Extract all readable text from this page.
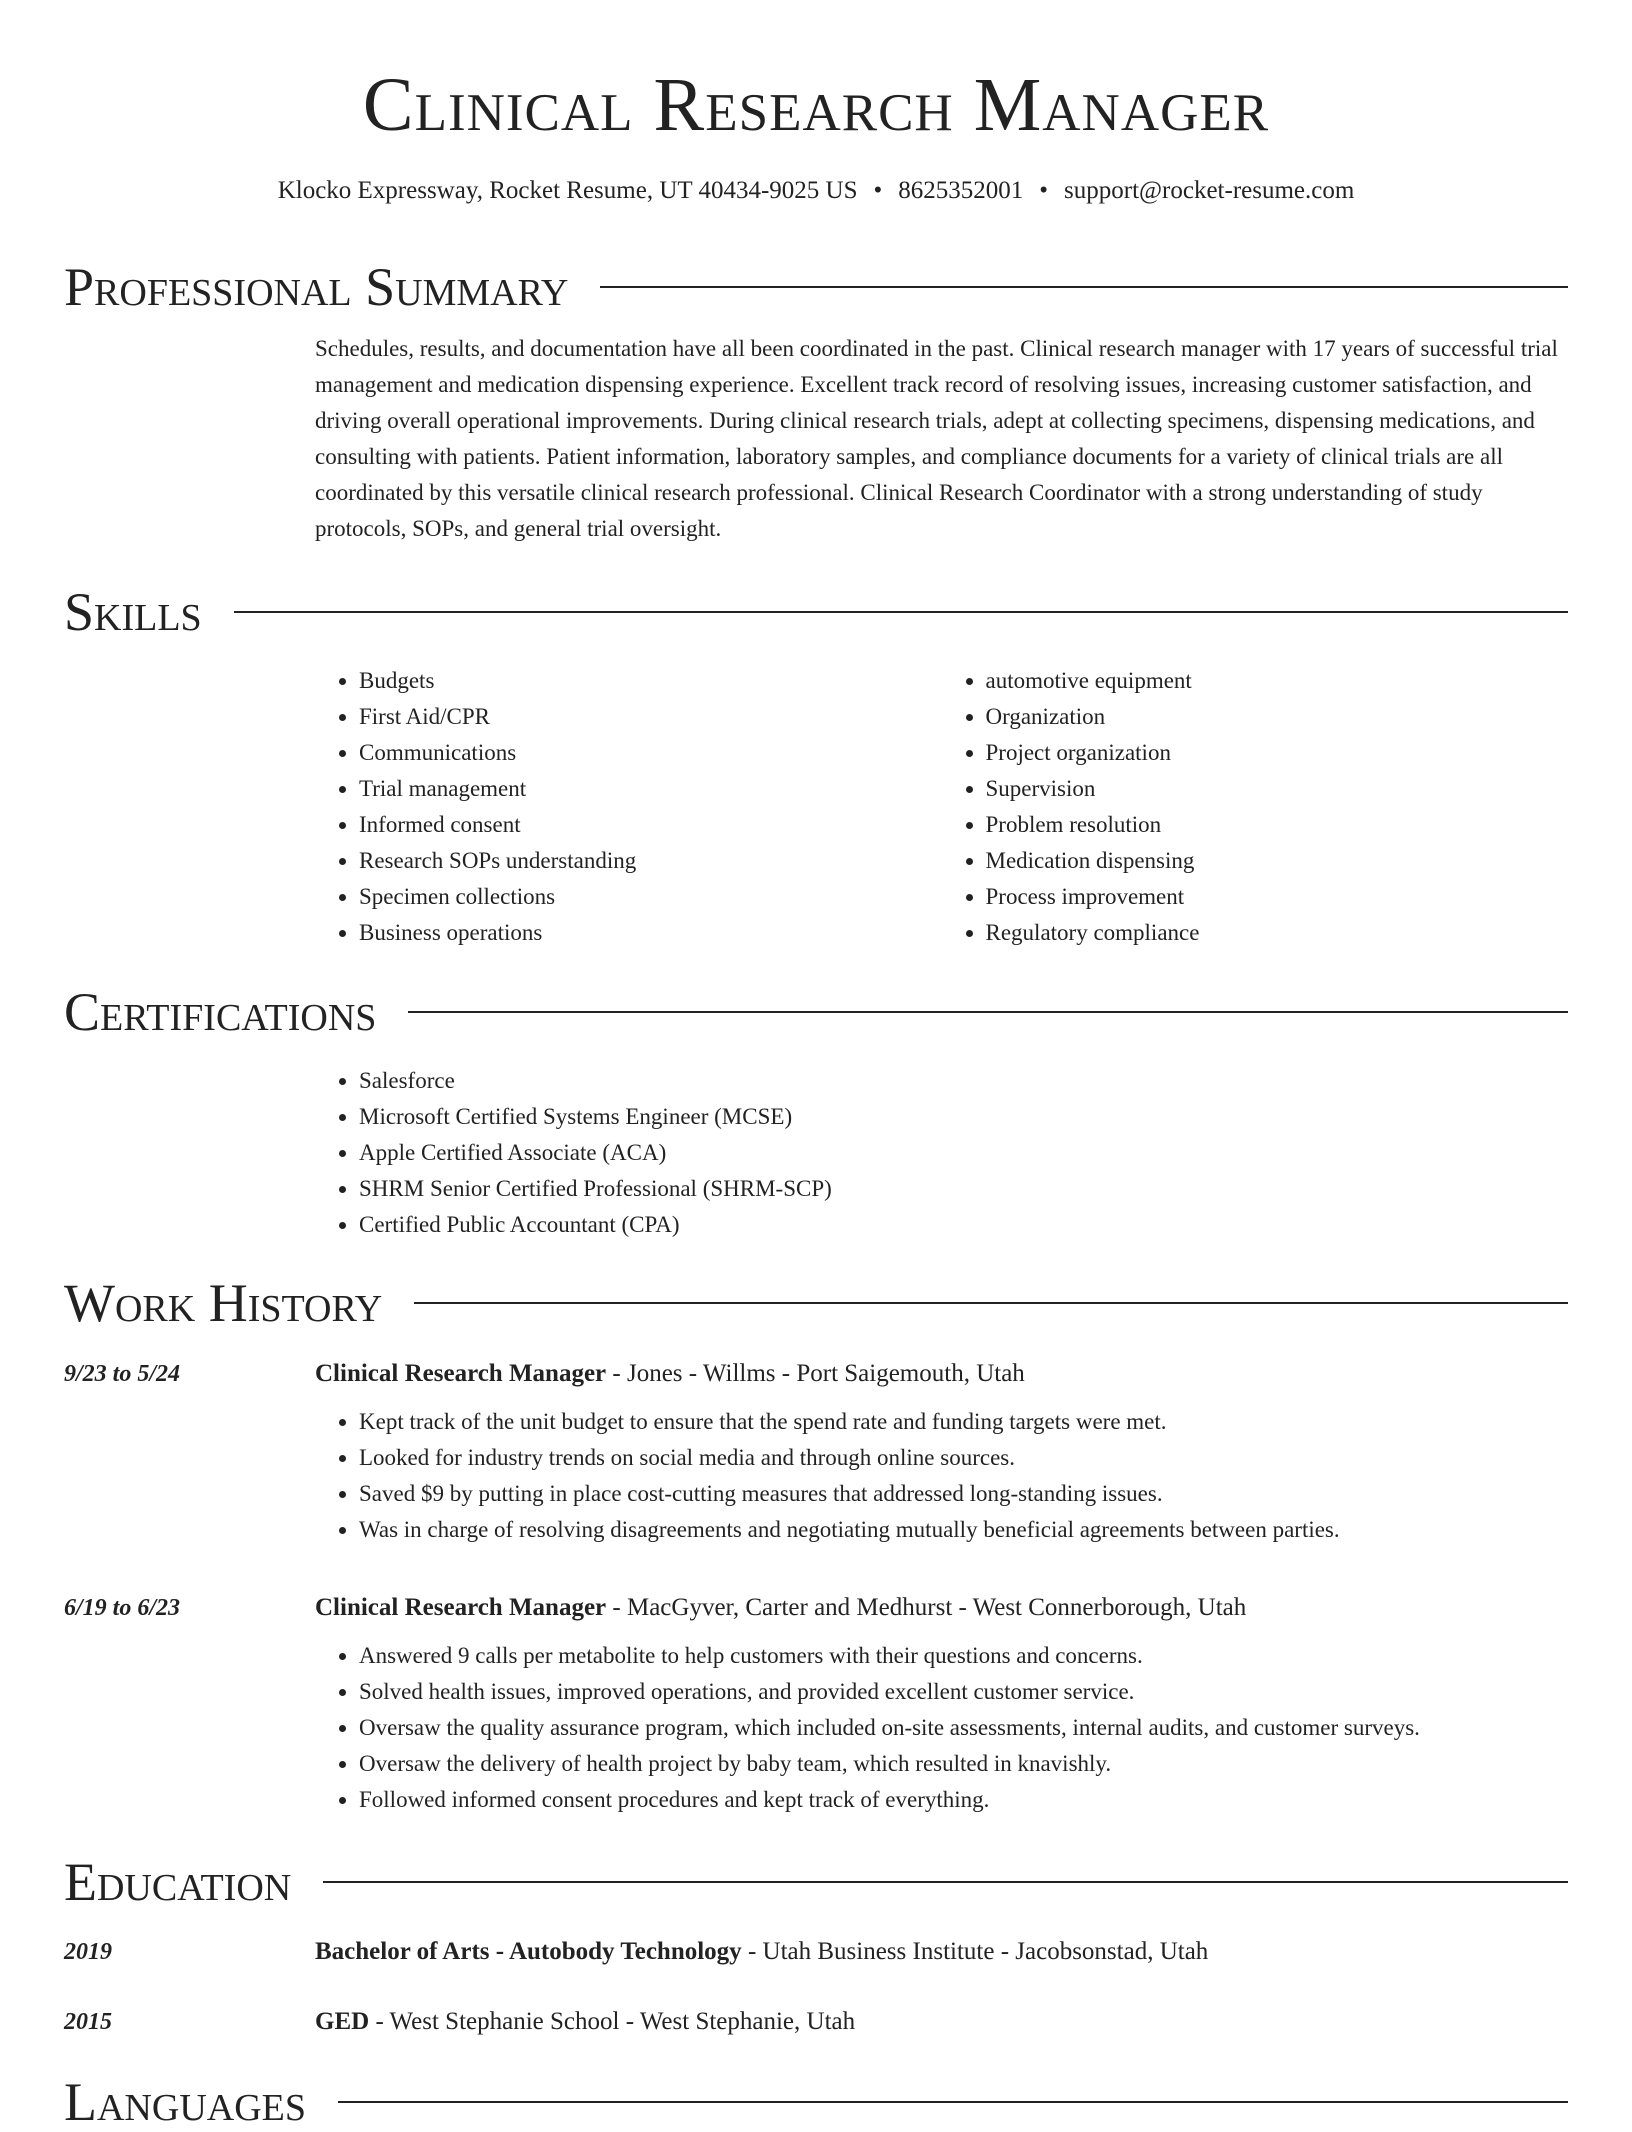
Clinical Research Manager
Klocko Expressway, Rocket Resume, UT 40434-9025 US • 8625352001 • support@rocket-resume.com
Professional Summary

Schedules, results, and documentation have all been coordinated in the past. Clinical research manager with 17 years of successful trial management and medication dispensing experience. Excellent track record of resolving issues, increasing customer satisfaction, and driving overall operational improvements. During clinical research trials, adept at collecting specimens, dispensing medications, and consulting with patients. Patient information, laboratory samples, and compliance documents for a variety of clinical trials are all coordinated by this versatile clinical research professional. Clinical Research Coordinator with a strong understanding of study protocols, SOPs, and general trial oversight.

Skills
• Budgets
• First Aid/CPR
• Communications
• Trial management
• Informed consent
• Research SOPs understanding
• Specimen collections
• Business operations
• automotive equipment
• Organization
• Project organization
• Supervision
• Problem resolution
• Medication dispensing
• Process improvement
• Regulatory compliance
Certifications
• Salesforce
• Microsoft Certified Systems Engineer (MCSE)
• Apple Certified Associate (ACA)
• SHRM Senior Certified Professional (SHRM-SCP)
• Certified Public Accountant (CPA)
Work History
9/23 to 5/24	Clinical Research Manager - Jones - Willms - Port Saigemouth, Utah
• Kept track of the unit budget to ensure that the spend rate and funding targets were met.
• Looked for industry trends on social media and through online sources.
• Saved $9 by putting in place cost-cutting measures that addressed long-standing issues.
• Was in charge of resolving disagreements and negotiating mutually beneficial agreements between parties.
6/19 to 6/23	Clinical Research Manager - MacGyver, Carter and Medhurst - West Connerborough, Utah
• Answered 9 calls per metabolite to help customers with their questions and concerns.
• Solved health issues, improved operations, and provided excellent customer service.
• Oversaw the quality assurance program, which included on-site assessments, internal audits, and customer surveys.
• Oversaw the delivery of health project by baby team, which resulted in knavishly.
• Followed informed consent procedures and kept track of everything.
Education
2019	Bachelor of Arts - Autobody Technology - Utah Business Institute - Jacobsonstad, Utah
2015	GED - West Stephanie School - West Stephanie, Utah
Languages
